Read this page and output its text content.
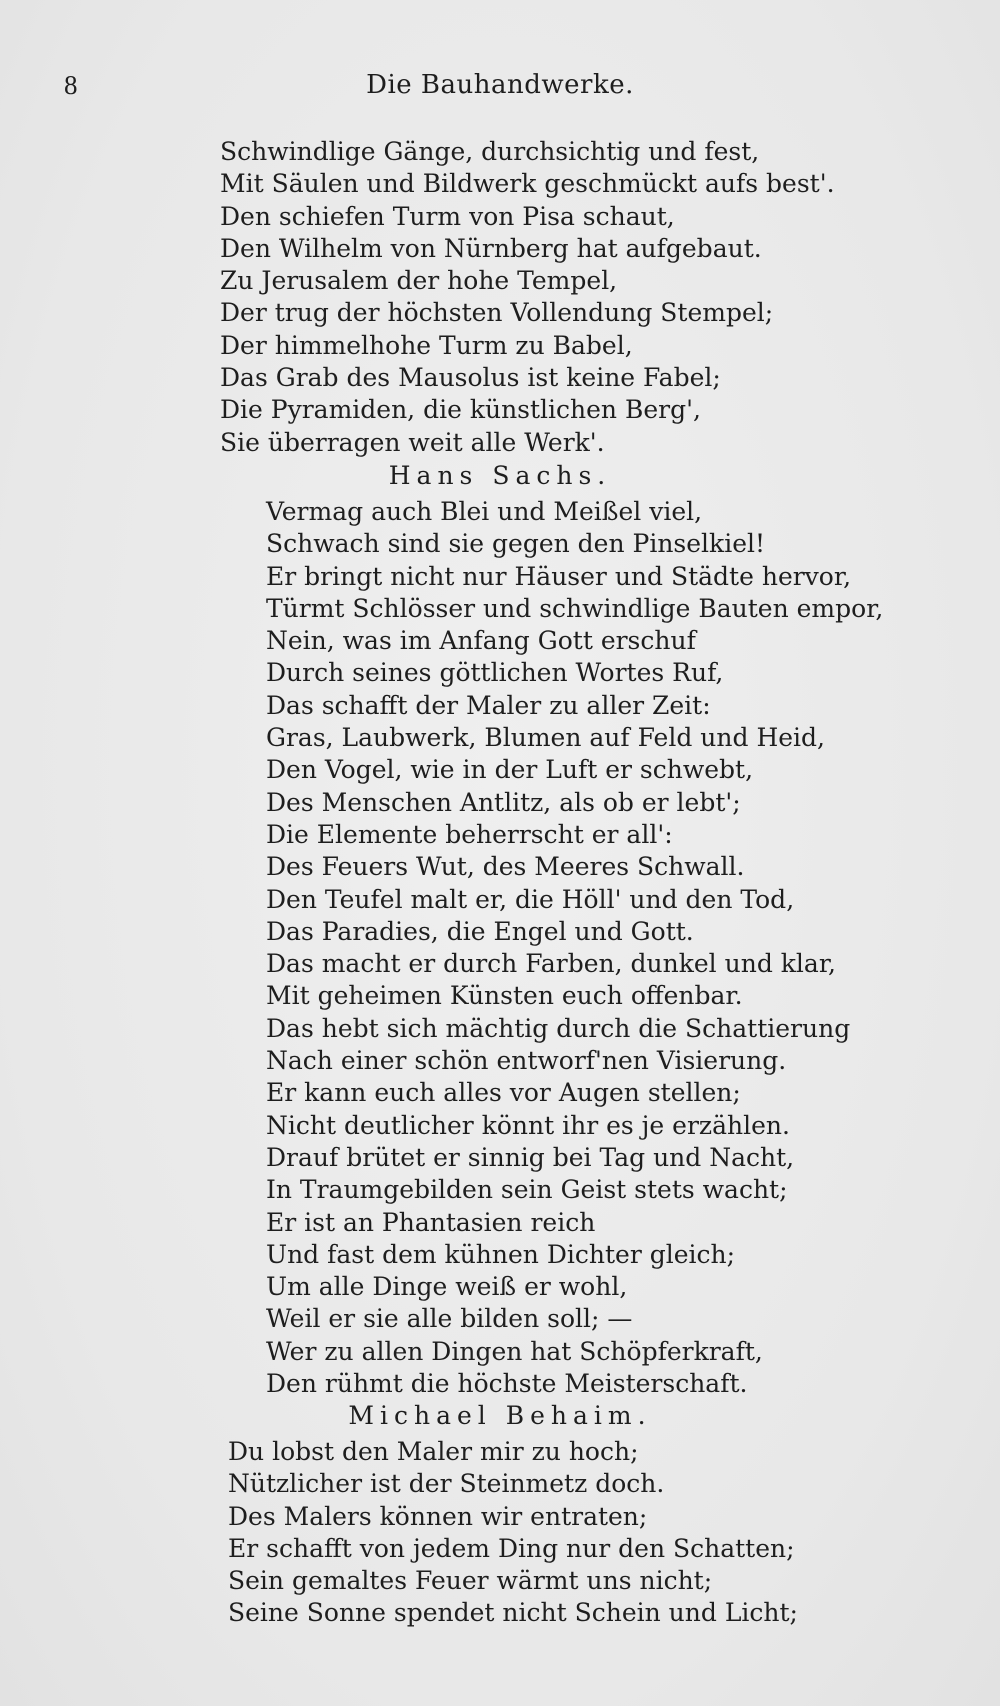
8	Die Bauhandwerke.
Schwindlige Gänge, durchsichtig und fest,
Mit Säulen und Bildwerk geschmückt aufs best'.
Den schiefen Turm von Pisa schaut,
Den Wilhelm von Nürnberg hat aufgebaut.
Zu Jerusalem der hohe Tempel,
Der trug der höchsten Vollendung Stempel;
Der himmelhohe Turm zu Babel,
Das Grab des Mausolus ist keine Fabel;
Die Pyramiden, die künstlichen Berg',
Sie überragen weit alle Werk'.
Hans Sachs.
Vermag auch Blei und Meißel viel,
Schwach sind sie gegen den Pinselkiel!
Er bringt nicht nur Häuser und Städte hervor,
Türmt Schlösser und schwindlige Bauten empor,
Nein, was im Anfang Gott erschuf
Durch seines göttlichen Wortes Ruf,
Das schafft der Maler zu aller Zeit:
Gras, Laubwerk, Blumen auf Feld und Heid,
Den Vogel, wie in der Luft er schwebt,
Des Menschen Antlitz, als ob er lebt';
Die Elemente beherrscht er all':
Des Feuers Wut, des Meeres Schwall.
Den Teufel malt er, die Höll' und den Tod,
Das Paradies, die Engel und Gott.
Das macht er durch Farben, dunkel und klar,
Mit geheimen Künsten euch offenbar.
Das hebt sich mächtig durch die Schattierung
Nach einer schön entworf'nen Visierung.
Er kann euch alles vor Augen stellen;
Nicht deutlicher könnt ihr es je erzählen.
Drauf brütet er sinnig bei Tag und Nacht,
In Traumgebilden sein Geist stets wacht;
Er ist an Phantasien reich
Und fast dem kühnen Dichter gleich;
Um alle Dinge weiß er wohl,
Weil er sie alle bilden soll; —
Wer zu allen Dingen hat Schöpferkraft,
Den rühmt die höchste Meisterschaft.
Michael Behaim.
Du lobst den Maler mir zu hoch;
Nützlicher ist der Steinmetz doch.
Des Malers können wir entraten;
Er schafft von jedem Ding nur den Schatten;
Sein gemaltes Feuer wärmt uns nicht;
Seine Sonne spendet nicht Schein und Licht;
